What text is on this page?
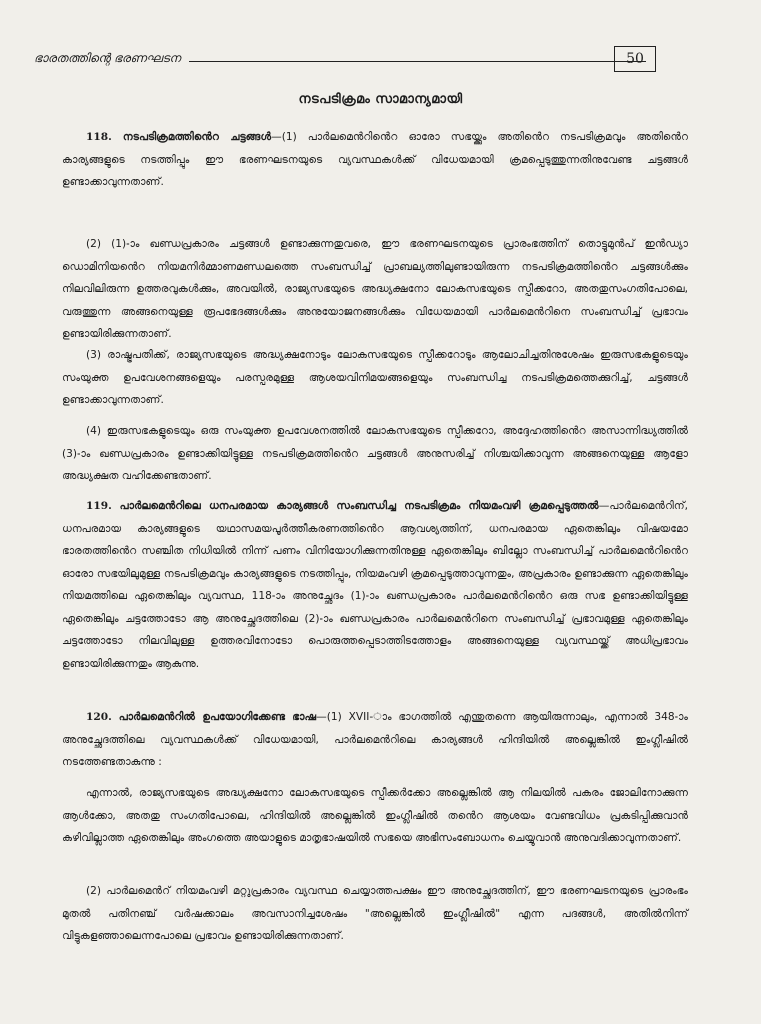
ഭാരതത്തിന്റെ ഭരണഘടന	50
നടപടിക്രമം സാമാന്യമായി

118. നടപടിക്രമത്തിൻെറ ചട്ടങ്ങൾ—(1) പാർലമെൻറിൻെറ ഓരോ സഭയ്ക്കും അതിൻെറ നടപടിക്രമവും അതിൻെറ കാര്യങ്ങളുടെ നടത്തിപ്പും ഈ ഭരണഘടനയുടെ വ്യവസ്ഥകൾക്ക് വിധേയമായി ക്രമപ്പെടുത്തുന്നതിനുവേണ്ട ചട്ടങ്ങൾ ഉണ്ടാക്കാവുന്നതാണ്.

(2) (1)-ാം ഖണ്ഡപ്രകാരം ചട്ടങ്ങൾ ഉണ്ടാക്കുന്നതുവരെ, ഈ ഭരണഘടനയുടെ പ്രാരംഭത്തിന് തൊട്ടുമുൻപ് ഇൻഡ്യാ ഡൊമിനിയൻെറ നിയമനിർമ്മാണമണ്ഡലത്തെ സംബന്ധിച്ച് പ്രാബല്യത്തിലുണ്ടായിരുന്ന നടപടിക്രമത്തിൻെറ ചട്ടങ്ങൾക്കും നിലവിലിരുന്ന ഉത്തരവുകൾക്കും, അവയിൽ, രാജ്യസഭയുടെ അദ്ധ്യക്ഷനോ ലോകസഭയുടെ സ്പീക്കറോ, അതതുസംഗതിപോലെ, വരുത്തുന്ന അങ്ങനെയുള്ള രൂപഭേദങ്ങൾക്കും അനുയോജനങ്ങൾക്കും വിധേയമായി പാർലമെൻറിനെ സംബന്ധിച്ച് പ്രഭാവം ഉണ്ടായിരിക്കുന്നതാണ്.

(3) രാഷ്ട്രപതിക്ക്, രാജ്യസഭയുടെ അദ്ധ്യക്ഷനോടും ലോകസഭയുടെ സ്പീക്കറോടും ആലോചിച്ചതിനുശേഷം ഇരുസഭകളുടെയും സംയുക്ത ഉപവേശനങ്ങളെയും പരസ്പരമുള്ള ആശയവിനിമയങ്ങളെയും സംബന്ധിച്ച നടപടിക്രമത്തെക്കുറിച്ച്, ചട്ടങ്ങൾ ഉണ്ടാക്കാവുന്നതാണ്.

(4) ഇരുസഭകളുടെയും ഒരു സംയുക്ത ഉപവേശനത്തിൽ ലോകസഭയുടെ സ്പീക്കറോ, അദ്ദേഹത്തിൻെറ അസാന്നിദ്ധ്യത്തിൽ (3)-ാം ഖണ്ഡപ്രകാരം ഉണ്ടാക്കിയിട്ടുള്ള നടപടിക്രമത്തിൻെറ ചട്ടങ്ങൾ അനുസരിച്ച് നിശ്ചയിക്കാവുന്ന അങ്ങനെയുള്ള ആളോ അദ്ധ്യക്ഷത വഹിക്കേണ്ടതാണ്.

119. പാർലമെൻറിലെ ധനപരമായ കാര്യങ്ങൾ സംബന്ധിച്ച നടപടിക്രമം നിയമംവഴി ക്രമപ്പെടുത്തൽ—പാർലമെൻറിന്, ധനപരമായ കാര്യങ്ങളുടെ യഥാസമയപൂർത്തീകരണത്തിൻെറ ആവശ്യത്തിന്, ധനപരമായ ഏതെങ്കിലും വിഷയമോ ഭാരതത്തിൻെറ സഞ്ചിത നിധിയിൽ നിന്ന് പണം വിനിയോഗിക്കുന്നതിനുള്ള ഏതെങ്കിലും ബില്ലോ സംബന്ധിച്ച് പാർലമെൻറിൻെറ ഓരോ സഭയിലുമുള്ള നടപടിക്രമവും കാര്യങ്ങളുടെ നടത്തിപ്പും, നിയമംവഴി ക്രമപ്പെടുത്താവുന്നതും, അപ്രകാരം ഉണ്ടാക്കുന്ന ഏതെങ്കിലും നിയമത്തിലെ ഏതെങ്കിലും വ്യവസ്ഥ, 118-ാം അനുച്ഛേദം (1)-ാം ഖണ്ഡപ്രകാരം പാർലമെൻറിൻെറ ഒരു സഭ ഉണ്ടാക്കിയിട്ടുള്ള ഏതെങ്കിലും ചട്ടത്തോടോ ആ അനുച്ഛേദത്തിലെ (2)-ാം ഖണ്ഡപ്രകാരം പാർലമെൻറിനെ സംബന്ധിച്ച് പ്രഭാവമുള്ള ഏതെങ്കിലും ചട്ടത്തോടോ നിലവിലുള്ള ഉത്തരവിനോടോ പൊരുത്തപ്പെടാത്തിടത്തോളം അങ്ങനെയുള്ള വ്യവസ്ഥയ്ക്ക് അധിപ്രഭാവം ഉണ്ടായിരിക്കുന്നതും ആകുന്നു.

120. പാർലമെൻറിൽ ഉപയോഗിക്കേണ്ട ഭാഷ—(1) XVII-ാം ഭാഗത്തിൽ എന്തുതന്നെ ആയിരുന്നാലും, എന്നാൽ 348-ാം അനുച്ഛേദത്തിലെ വ്യവസ്ഥകൾക്ക് വിധേയമായി, പാർലമെൻറിലെ കാര്യങ്ങൾ ഹിന്ദിയിൽ അല്ലെങ്കിൽ ഇംഗ്ലീഷിൽ നടത്തേണ്ടതാകുന്നു :

എന്നാൽ, രാജ്യസഭയുടെ അദ്ധ്യക്ഷനോ ലോകസഭയുടെ സ്പീക്കർക്കോ അല്ലെങ്കിൽ ആ നിലയിൽ പകരം ജോലിനോക്കുന്ന ആൾക്കോ, അതതു സംഗതിപോലെ, ഹിന്ദിയിൽ അല്ലെങ്കിൽ ഇംഗ്ലീഷിൽ തൻെറ ആശയം വേണ്ടവിധം പ്രകടിപ്പിക്കുവാൻ കഴിവില്ലാത്ത ഏതെങ്കിലും അംഗത്തെ അയാളുടെ മാതൃഭാഷയിൽ സഭയെ അഭിസംബോധനം ചെയ്യുവാൻ അനുവദിക്കാവുന്നതാണ്.

(2) പാർലമെൻറ് നിയമംവഴി മറ്റുപ്രകാരം വ്യവസ്ഥ ചെയ്യാത്തപക്ഷം ഈ അനുച്ഛേദത്തിന്, ഈ ഭരണഘടനയുടെ പ്രാരംഭം മുതൽ പതിനഞ്ച് വർഷക്കാലം അവസാനിച്ചശേഷം "അല്ലെങ്കിൽ ഇംഗ്ലീഷിൽ" എന്ന പദങ്ങൾ, അതിൽനിന്ന് വിട്ടുകളഞ്ഞാലെന്നപോലെ പ്രഭാവം ഉണ്ടായിരിക്കുന്നതാണ്.
